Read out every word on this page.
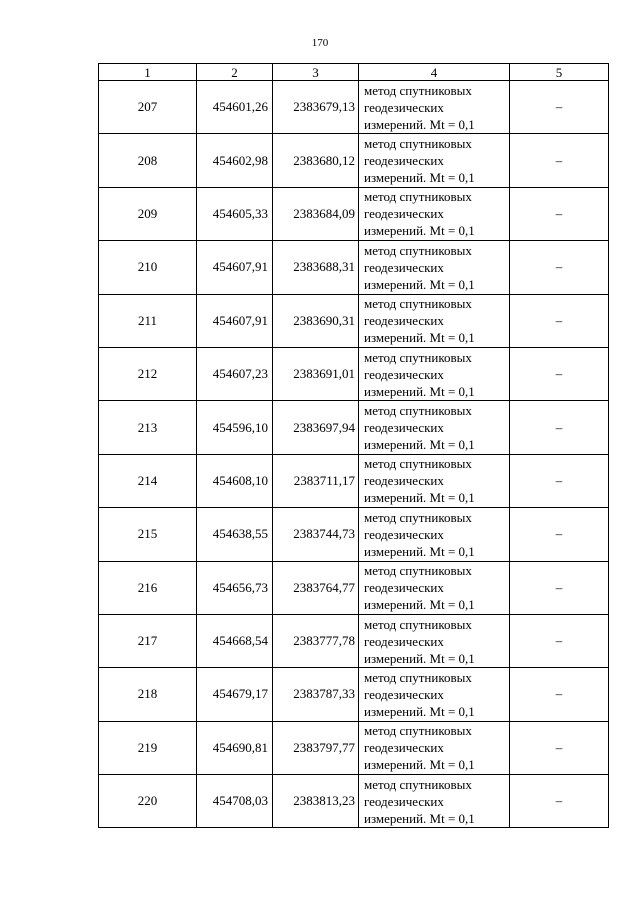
170
1	2	3	4	5
207	454601,26	2383679,13	метод спутниковых
геодезических
измерений. Mt = 0,1	–
208	454602,98	2383680,12	метод спутниковых
геодезических
измерений. Mt = 0,1	–
209	454605,33	2383684,09	метод спутниковых
геодезических
измерений. Mt = 0,1	–
210	454607,91	2383688,31	метод спутниковых
геодезических
измерений. Mt = 0,1	–
211	454607,91	2383690,31	метод спутниковых
геодезических
измерений. Mt = 0,1	–
212	454607,23	2383691,01	метод спутниковых
геодезических
измерений. Mt = 0,1	–
213	454596,10	2383697,94	метод спутниковых
геодезических
измерений. Mt = 0,1	–
214	454608,10	2383711,17	метод спутниковых
геодезических
измерений. Mt = 0,1	–
215	454638,55	2383744,73	метод спутниковых
геодезических
измерений. Mt = 0,1	–
216	454656,73	2383764,77	метод спутниковых
геодезических
измерений. Mt = 0,1	–
217	454668,54	2383777,78	метод спутниковых
геодезических
измерений. Mt = 0,1	–
218	454679,17	2383787,33	метод спутниковых
геодезических
измерений. Mt = 0,1	–
219	454690,81	2383797,77	метод спутниковых
геодезических
измерений. Mt = 0,1	–
220	454708,03	2383813,23	метод спутниковых
геодезических
измерений. Mt = 0,1	–
